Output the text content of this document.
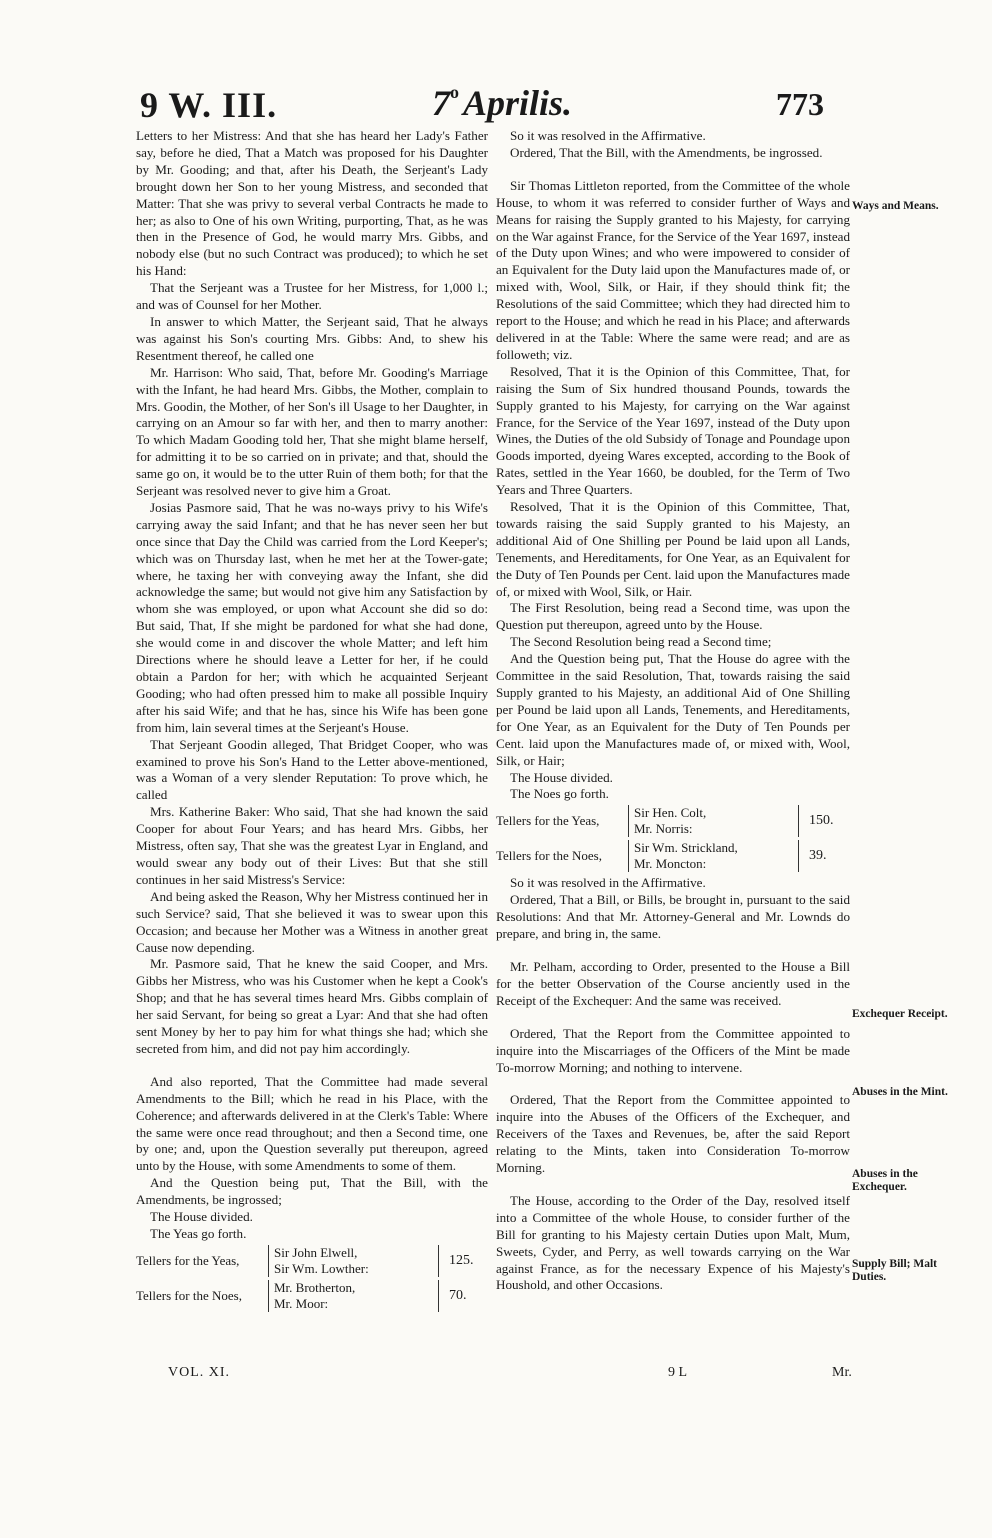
9 W. III.	7$^o$ Aprilis.	773

Letters to her Mistress: And that she has heard her Lady's Father say, before he died, That a Match was proposed for his Daughter by Mr. Gooding; and that, after his Death, the Serjeant's Lady brought down her Son to her young Mistress, and seconded that Matter: That she was privy to several verbal Contracts he made to her; as also to One of his own Writing, purporting, That, as he was then in the Presence of God, he would marry Mrs. Gibbs, and nobody else (but no such Contract was produced); to which he set his Hand:

That the Serjeant was a Trustee for her Mistress, for 1,000 l.; and was of Counsel for her Mother.

In answer to which Matter, the Serjeant said, That he always was against his Son's courting Mrs. Gibbs: And, to shew his Resentment thereof, he called one

Mr. Harrison: Who said, That, before Mr. Gooding's Marriage with the Infant, he had heard Mrs. Gibbs, the Mother, complain to Mrs. Goodin, the Mother, of her Son's ill Usage to her Daughter, in carrying on an Amour so far with her, and then to marry another: To which Madam Gooding told her, That she might blame herself, for admitting it to be so carried on in private; and that, should the same go on, it would be to the utter Ruin of them both; for that the Serjeant was resolved never to give him a Groat.

Josias Pasmore said, That he was no-ways privy to his Wife's carrying away the said Infant; and that he has never seen her but once since that Day the Child was carried from the Lord Keeper's; which was on Thursday last, when he met her at the Tower-gate; where, he taxing her with conveying away the Infant, she did acknowledge the same; but would not give him any Satisfaction by whom she was employed, or upon what Account she did so do: But said, That, If she might be pardoned for what she had done, she would come in and discover the whole Matter; and left him Directions where he should leave a Letter for her, if he could obtain a Pardon for her; with which he acquainted Serjeant Gooding; who had often pressed him to make all possible Inquiry after his said Wife; and that he has, since his Wife has been gone from him, lain several times at the Serjeant's House.

That Serjeant Goodin alleged, That Bridget Cooper, who was examined to prove his Son's Hand to the Letter above-mentioned, was a Woman of a very slender Reputation: To prove which, he called

Mrs. Katherine Baker: Who said, That she had known the said Cooper for about Four Years; and has heard Mrs. Gibbs, her Mistress, often say, That she was the greatest Lyar in England, and would swear any body out of their Lives: But that she still continues in her said Mistress's Service:

And being asked the Reason, Why her Mistress continued her in such Service? said, That she believed it was to swear upon this Occasion; and because her Mother was a Witness in another great Cause now depending.

Mr. Pasmore said, That he knew the said Cooper, and Mrs. Gibbs her Mistress, who was his Customer when he kept a Cook's Shop; and that he has several times heard Mrs. Gibbs complain of her said Servant, for being so great a Lyar: And that she had often sent Money by her to pay him for what things she had; which she secreted from him, and did not pay him accordingly.

And also reported, That the Committee had made several Amendments to the Bill; which he read in his Place, with the Coherence; and afterwards delivered in at the Clerk's Table: Where the same were once read throughout; and then a Second time, one by one; and, upon the Question severally put thereupon, agreed unto by the House, with some Amendments to some of them.

And the Question being put, That the Bill, with the Amendments, be ingrossed;

The House divided.

The Yeas go forth.

Tellers for the Yeas,	Sir John Elwell,
Sir Wm. Lowther:		125.
Tellers for the Noes,	Mr. Brotherton,
Mr. Moor:		70.

So it was resolved in the Affirmative.

Ordered, That the Bill, with the Amendments, be ingrossed.

Sir Thomas Littleton reported, from the Committee of the whole House, to whom it was referred to consider further of Ways and Means for raising the Supply granted to his Majesty, for carrying on the War against France, for the Service of the Year 1697, instead of the Duty upon Wines; and who were impowered to consider of an Equivalent for the Duty laid upon the Manufactures made of, or mixed with, Wool, Silk, or Hair, if they should think fit; the Resolutions of the said Committee; which they had directed him to report to the House; and which he read in his Place; and afterwards delivered in at the Table: Where the same were read; and are as followeth; viz.

Resolved, That it is the Opinion of this Committee, That, for raising the Sum of Six hundred thousand Pounds, towards the Supply granted to his Majesty, for carrying on the War against France, for the Service of the Year 1697, instead of the Duty upon Wines, the Duties of the old Subsidy of Tonage and Poundage upon Goods imported, dyeing Wares excepted, according to the Book of Rates, settled in the Year 1660, be doubled, for the Term of Two Years and Three Quarters.

Resolved, That it is the Opinion of this Committee, That, towards raising the said Supply granted to his Majesty, an additional Aid of One Shilling per Pound be laid upon all Lands, Tenements, and Hereditaments, for One Year, as an Equivalent for the Duty of Ten Pounds per Cent. laid upon the Manufactures made of, or mixed with Wool, Silk, or Hair.

The First Resolution, being read a Second time, was upon the Question put thereupon, agreed unto by the House.

The Second Resolution being read a Second time;

And the Question being put, That the House do agree with the Committee in the said Resolution, That, towards raising the said Supply granted to his Majesty, an additional Aid of One Shilling per Pound be laid upon all Lands, Tenements, and Hereditaments, for One Year, as an Equivalent for the Duty of Ten Pounds per Cent. laid upon the Manufactures made of, or mixed with, Wool, Silk, or Hair;

The House divided.

The Noes go forth.

Tellers for the Yeas,	Sir Hen. Colt,
Mr. Norris:		150.
Tellers for the Noes,	Sir Wm. Strickland,
Mr. Moncton:		39.

So it was resolved in the Affirmative.

Ordered, That a Bill, or Bills, be brought in, pursuant to the said Resolutions: And that Mr. Attorney-General and Mr. Lownds do prepare, and bring in, the same.

Mr. Pelham, according to Order, presented to the House a Bill for the better Observation of the Course anciently used in the Receipt of the Exchequer: And the same was received.

Ordered, That the Report from the Committee appointed to inquire into the Miscarriages of the Officers of the Mint be made To-morrow Morning; and nothing to intervene.

Ordered, That the Report from the Committee appointed to inquire into the Abuses of the Officers of the Exchequer, and Receivers of the Taxes and Revenues, be, after the said Report relating to the Mints, taken into Consideration To-morrow Morning.

The House, according to the Order of the Day, resolved itself into a Committee of the whole House, to consider further of the Bill for granting to his Majesty certain Duties upon Malt, Mum, Sweets, Cyder, and Perry, as well towards carrying on the War against France, as for the necessary Expence of his Majesty's Houshold, and other Occasions.

Ways and Means.
Exchequer Receipt.
Abuses in the Mint.
Abuses in the Exchequer.
Supply Bill; Malt Duties.
VOL. XI.	9 L	Mr.
